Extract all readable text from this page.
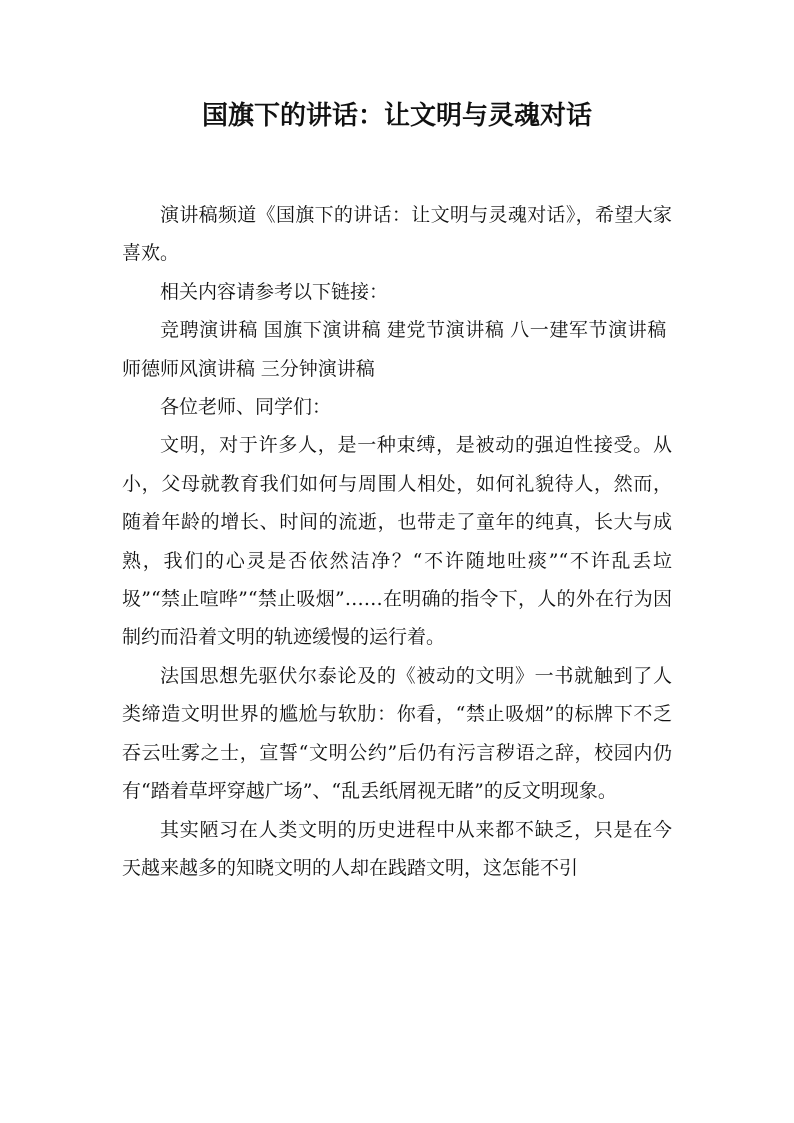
国旗下的讲话：让文明与灵魂对话

演讲稿频道《国旗下的讲话：让文明与灵魂对话》，希望大家喜欢。

相关内容请参考以下链接：

竞聘演讲稿 国旗下演讲稿 建党节演讲稿 八一建军节演讲稿师德师风演讲稿 三分钟演讲稿

各位老师、同学们：

文明，对于许多人，是一种束缚，是被动的强迫性接受。从小，父母就教育我们如何与周围人相处，如何礼貌待人，然而，随着年龄的增长、时间的流逝，也带走了童年的纯真，长大与成熟，我们的心灵是否依然洁净？“不许随地吐痰”“不许乱丢垃圾”“禁止喧哗”“禁止吸烟”……在明确的指令下，人的外在行为因制约而沿着文明的轨迹缓慢的运行着。

法国思想先驱伏尔泰论及的《被动的文明》一书就触到了人类缔造文明世界的尴尬与软肋：你看，“禁止吸烟”的标牌下不乏吞云吐雾之士，宣誓“文明公约”后仍有污言秽语之辞，校园内仍有“踏着草坪穿越广场”、“乱丢纸屑视无睹”的反文明现象。

其实陋习在人类文明的历史进程中从来都不缺乏，只是在今天越来越多的知晓文明的人却在践踏文明，这怎能不引
